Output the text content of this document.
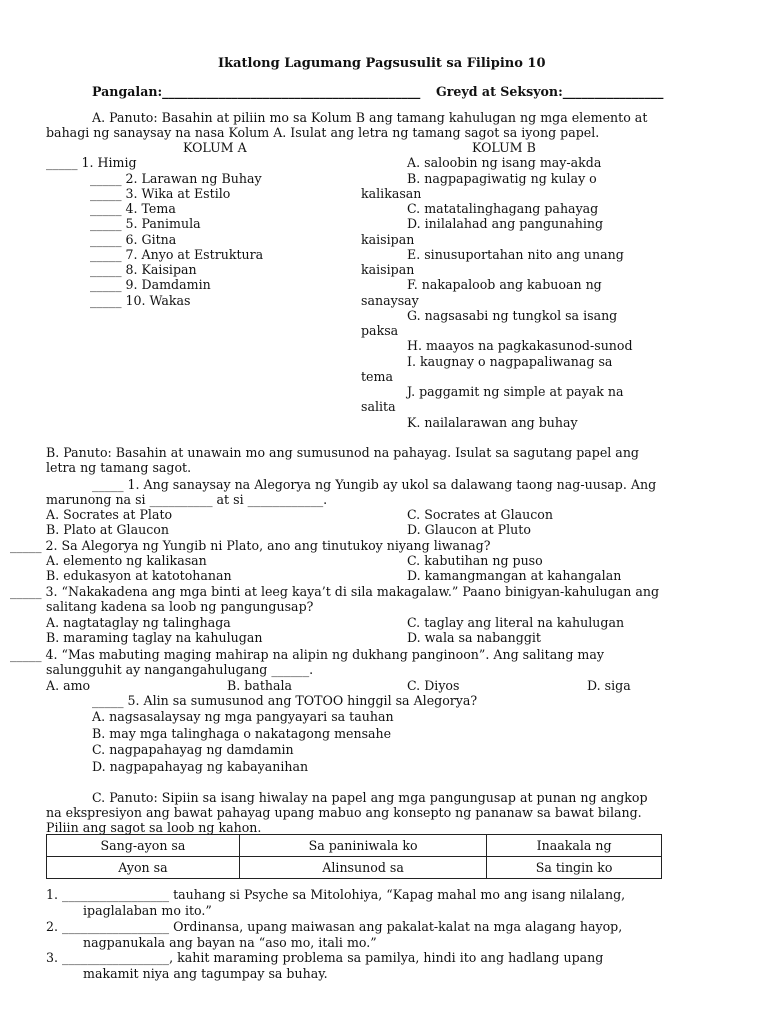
Ikatlong Lagumang Pagsusulit sa Filipino 10
Pangalan:_________________________________________ Greyd at Seksyon:________________
A. Panuto: Basahin at piliin mo sa Kolum B ang tamang kahulugan ng mga elemento at
bahagi ng sanaysay na nasa Kolum A. Isulat ang letra ng tamang sagot sa iyong papel.
KOLUM A	KOLUM B
_____ 1. Himig
_____ 2. Larawan ng Buhay
_____ 3. Wika at Estilo
_____ 4. Tema
_____ 5. Panimula
_____ 6. Gitna
_____ 7. Anyo at Estruktura
_____ 8. Kaisipan
_____ 9. Damdamin
_____ 10. Wakas
A. saloobin ng isang may-akda
B. nagpapagiwatig ng kulay o
kalikasan
C. matatalinghagang pahayag
D. inilalahad ang pangunahing
kaisipan
E. sinusuportahan nito ang unang
kaisipan
F. nakapaloob ang kabuoan ng
sanaysay
G. nagsasabi ng tungkol sa isang
paksa
H. maayos na pagkakasunod-sunod
I. kaugnay o nagpapaliwanag sa
tema
J. paggamit ng simple at payak na
salita
K. nailalarawan ang buhay
B. Panuto: Basahin at unawain mo ang sumusunod na pahayag. Isulat sa sagutang papel ang
letra ng tamang sagot.
_____ 1. Ang sanaysay na Alegorya ng Yungib ay ukol sa dalawang taong nag-uusap. Ang
marunong na si __________ at si ____________.
A. Socrates at Plato	C. Socrates at Glaucon
B. Plato at Glaucon	D. Glaucon at Pluto
_____ 2. Sa Alegorya ng Yungib ni Plato, ano ang tinutukoy niyang liwanag?
A. elemento ng kalikasan	C. kabutihan ng puso
B. edukasyon at katotohanan	D. kamangmangan at kahangalan
_____ 3. “Nakakadena ang mga binti at leeg kaya’t di sila makagalaw.” Paano binigyan-kahulugan ang
salitang kadena sa loob ng pangungusap?
A. nagtataglay ng talinghaga	C. taglay ang literal na kahulugan
B. maraming taglay na kahulugan	D. wala sa nabanggit
_____ 4. “Mas mabuting maging mahirap na alipin ng dukhang panginoon”. Ang salitang may
salungguhit ay nangangahulugang ______.
A. amo	B. bathala	C. Diyos	D. siga
_____ 5. Alin sa sumusunod ang TOTOO hinggil sa Alegorya?
A. nagsasalaysay ng mga pangyayari sa tauhan
B. may mga talinghaga o nakatagong mensahe
C. nagpapahayag ng damdamin
D. nagpapahayag ng kabayanihan
C. Panuto: Sipiin sa isang hiwalay na papel ang mga pangungusap at punan ng angkop
na ekspresiyon ang bawat pahayag upang mabuo ang konsepto ng pananaw sa bawat bilang.
Piliin ang sagot sa loob ng kahon.
Sang-ayon sa	Sa paniniwala ko	Inaakala ng
Ayon sa	Alinsunod sa	Sa tingin ko
1. _________________ tauhang si Psyche sa Mitolohiya, “Kapag mahal mo ang isang nilalang,
ipaglalaban mo ito.”
2. _________________ Ordinansa, upang maiwasan ang pakalat-kalat na mga alagang hayop,
nagpanukala ang bayan na “aso mo, itali mo.”
3. _________________, kahit maraming problema sa pamilya, hindi ito ang hadlang upang
makamit niya ang tagumpay sa buhay.
